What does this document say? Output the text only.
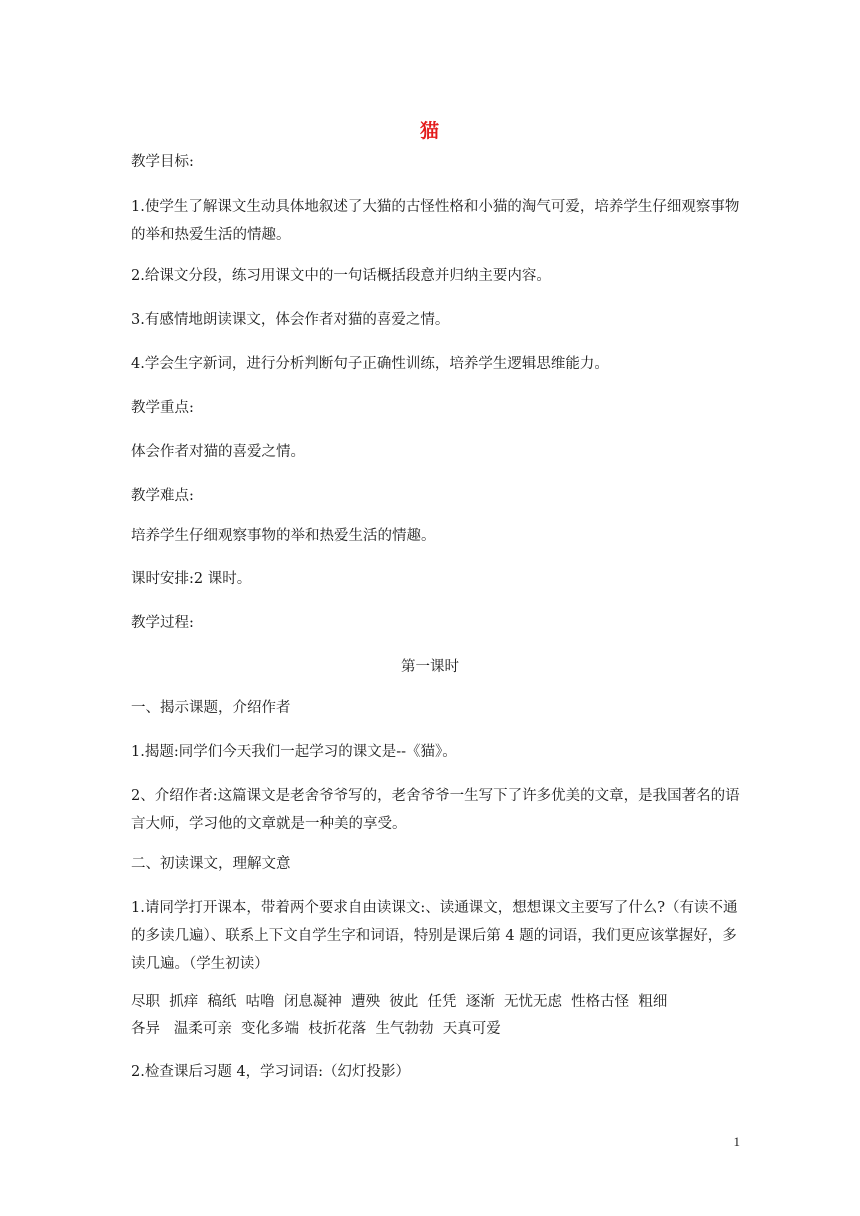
猫
教学目标:
1.使学生了解课文生动具体地叙述了大猫的古怪性格和小猫的淘气可爱，培养学生仔细观察事物的举和热爱生活的情趣。
2.给课文分段，练习用课文中的一句话概括段意并归纳主要内容。
3.有感情地朗读课文，体会作者对猫的喜爱之情。
4.学会生字新词，进行分析判断句子正确性训练，培养学生逻辑思维能力。
教学重点:
体会作者对猫的喜爱之情。
教学难点:
培养学生仔细观察事物的举和热爱生活的情趣。
课时安排:2 课时。
教学过程:
第一课时
一、揭示课题，介绍作者
1.揭题:同学们今天我们一起学习的课文是--《猫》。
2、介绍作者:这篇课文是老舍爷爷写的，老舍爷爷一生写下了许多优美的文章，是我国著名的语言大师，学习他的文章就是一种美的享受。
二、初读课文，理解文意
1.请同学打开课本，带着两个要求自由读课文:、读通课文，想想课文主要写了什么?（有读不通的多读几遍）、联系上下文自学生字和词语，特别是课后第 4 题的词语，我们更应该掌握好，多读几遍。（学生初读）
尽职  抓痒  稿纸  咕噜  闭息凝神  遭殃  彼此  任凭  逐渐  无忧无虑  性格古怪  粗细
各异   温柔可亲  变化多端  枝折花落  生气勃勃  天真可爱
2.检查课后习题 4，学习词语:（幻灯投影）
1
